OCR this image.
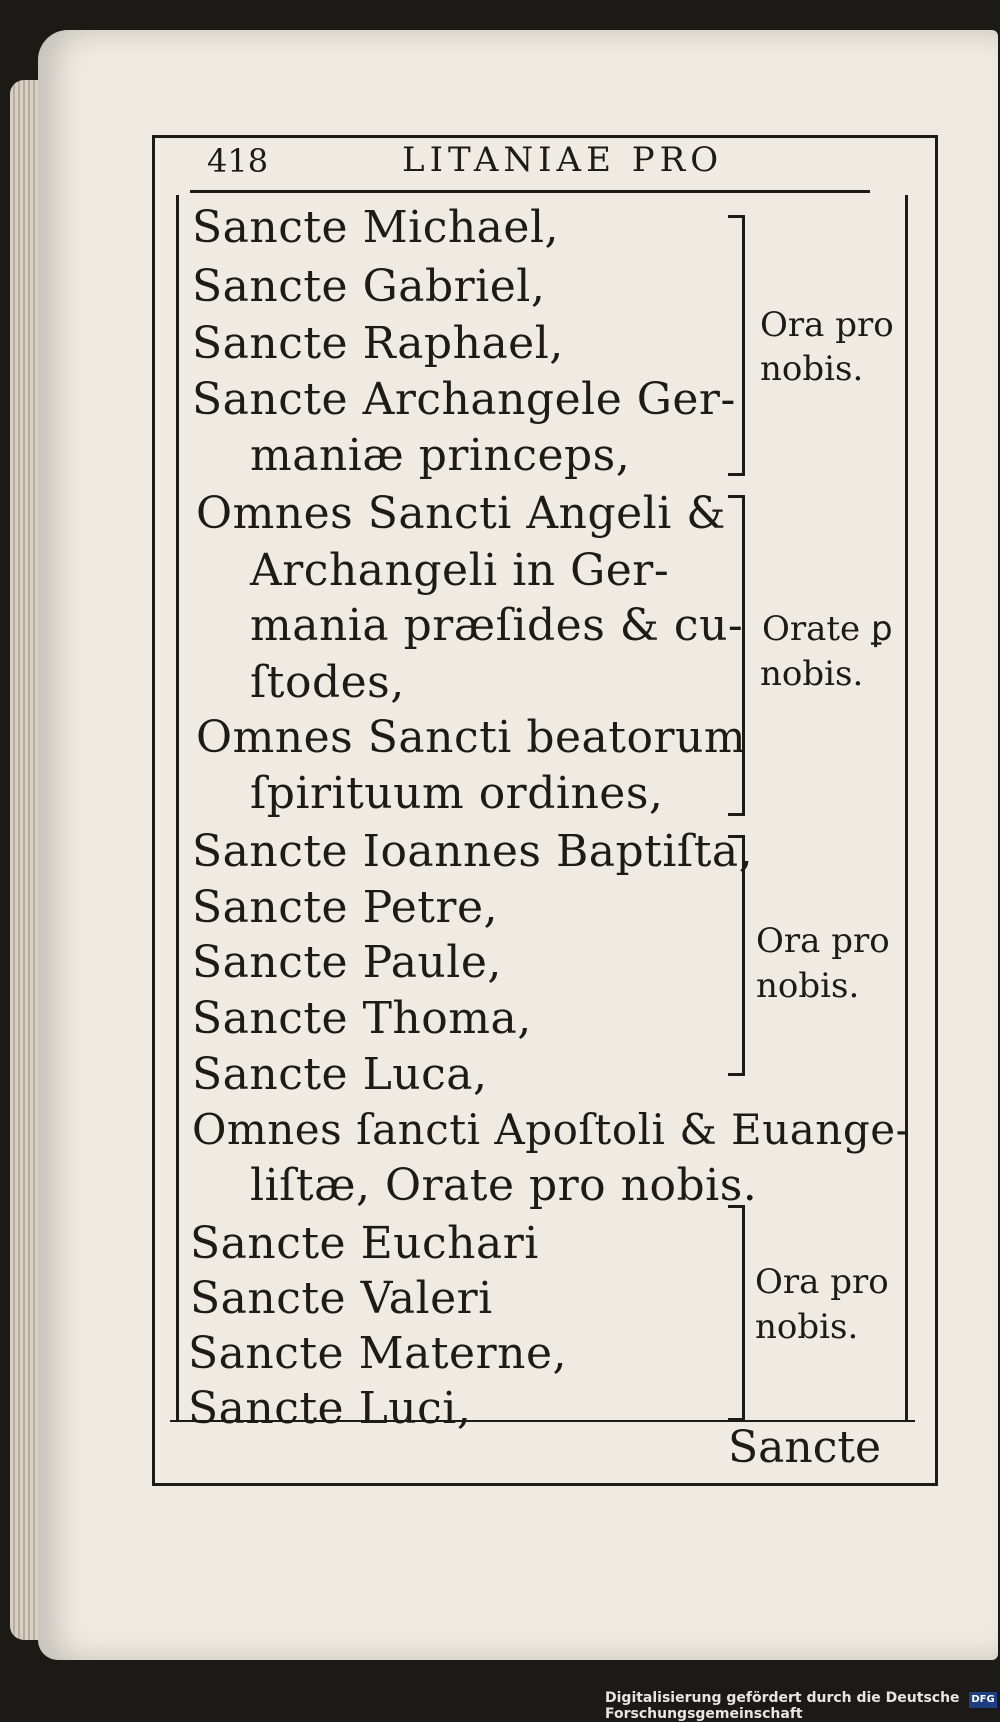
418	LITANIAE PRO
Sancte Michael,
Sancte Gabriel,
Sancte Raphael,
Sancte Archangele Ger-
maniæ princeps,
Omnes Sancti Angeli &
Archangeli in Ger-
mania præſides & cu-
ſtodes,
Omnes Sancti beatorum
ſpirituum ordines,
Sancte Ioannes Baptiſta,
Sancte Petre,
Sancte Paule,
Sancte Thoma,
Sancte Luca,
Omnes ſancti Apoſtoli & Euange-
liſtæ, Orate pro nobis.
Sancte Euchari
Sancte Valeri
Sancte Materne,
Sancte Luci,
Ora pro
nobis.
Orate ꝑ
nobis.
Ora pro
nobis.
Ora pro
nobis.
Sancte
Digitalisierung gefördert durch die Deutsche Forschungsgemeinschaft
DFG
